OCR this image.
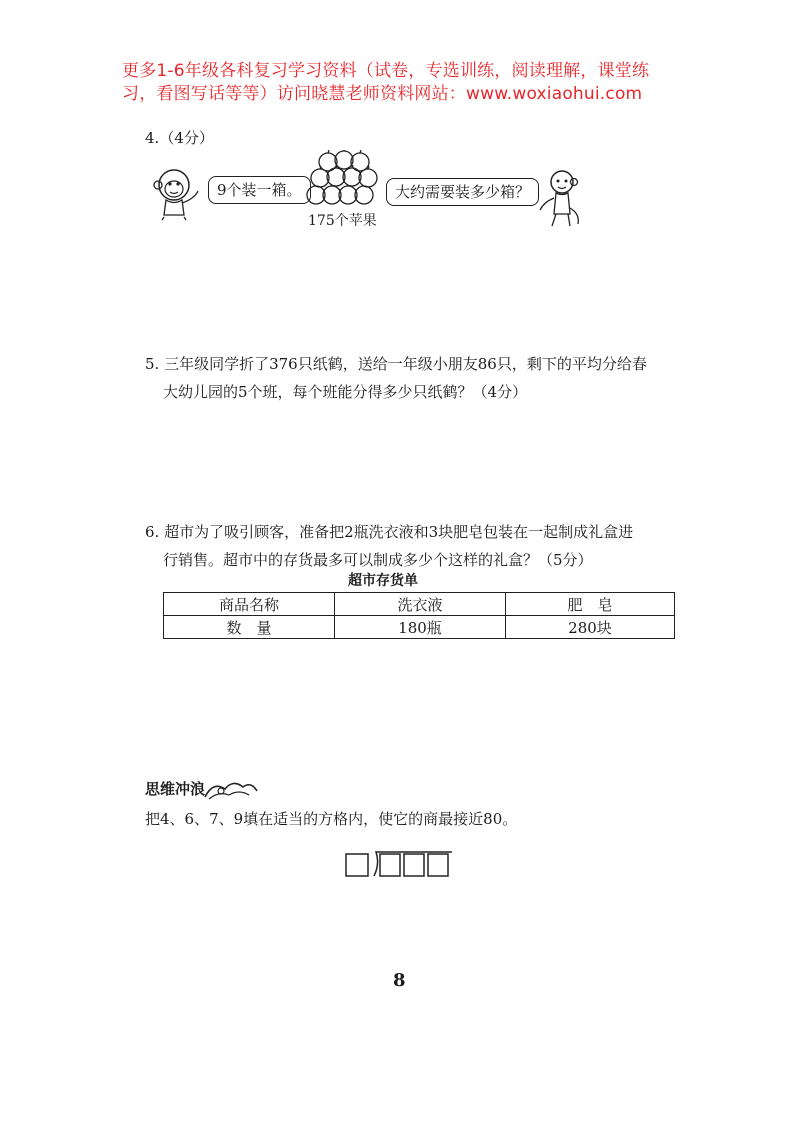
更多1-6年级各科复习学习资料（试卷，专选训练，阅读理解，课堂练
习，看图写话等等）访问晓慧老师资料网站：www.woxiaohui.com
4.（4分）
9个装一箱。
175个苹果
大约需要装多少箱？
5. 三年级同学折了376只纸鹤，送给一年级小朋友86只，剩下的平均分给春
大幼儿园的5个班，每个班能分得多少只纸鹤？（4分）
6. 超市为了吸引顾客，准备把2瓶洗衣液和3块肥皂包装在一起制成礼盒进
行销售。超市中的存货最多可以制成多少个这样的礼盒？（5分）
超市存货单
商品名称	洗衣液	肥　皂
数　量	180瓶	280块
思维冲浪
把4、6、7、9填在适当的方格内，使它的商最接近80。
8
